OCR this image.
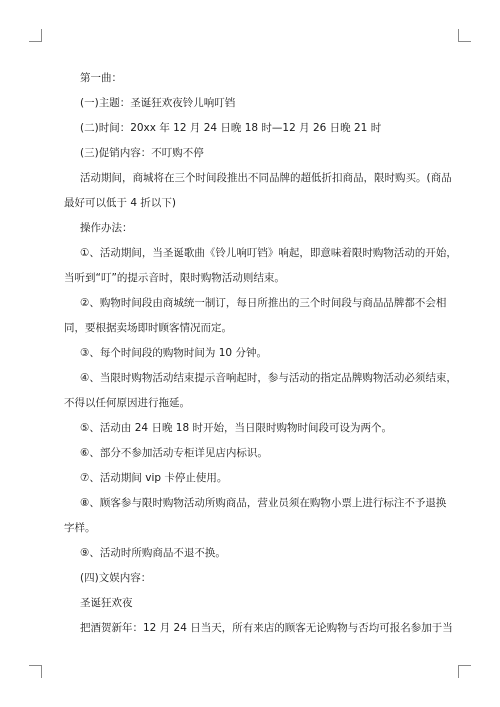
第一曲：
(一)主题：圣诞狂欢夜铃儿响叮铛
(二)时间：20xx 年 12 月 24 日晚 18 时—12 月 26 日晚 21 时
(三)促销内容：不叮购不停
活动期间，商城将在三个时间段推出不同品牌的超低折扣商品，限时购买。(商品
最好可以低于 4 折以下)
操作办法：
①、活动期间，当圣诞歌曲《铃儿响叮铛》响起，即意味着限时购物活动的开始，
当听到“叮”的提示音时，限时购物活动则结束。
②、购物时间段由商城统一制订，每日所推出的三个时间段与商品品牌都不会相
同，要根据卖场即时顾客情况而定。
③、每个时间段的购物时间为 10 分钟。
④、当限时购物活动结束提示音响起时，参与活动的指定品牌购物活动必须结束，
不得以任何原因进行拖延。
⑤、活动由 24 日晚 18 时开始，当日限时购物时间段可设为两个。
⑥、部分不参加活动专柜详见店内标识。
⑦、活动期间 vip 卡停止使用。
⑧、顾客参与限时购物活动所购商品，营业员须在购物小票上进行标注不予退换
字样。
⑨、活动时所购商品不退不换。
(四)文娱内容：
圣诞狂欢夜
把酒贺新年：12 月 24 日当天，所有来店的顾客无论购物与否均可报名参加于当
